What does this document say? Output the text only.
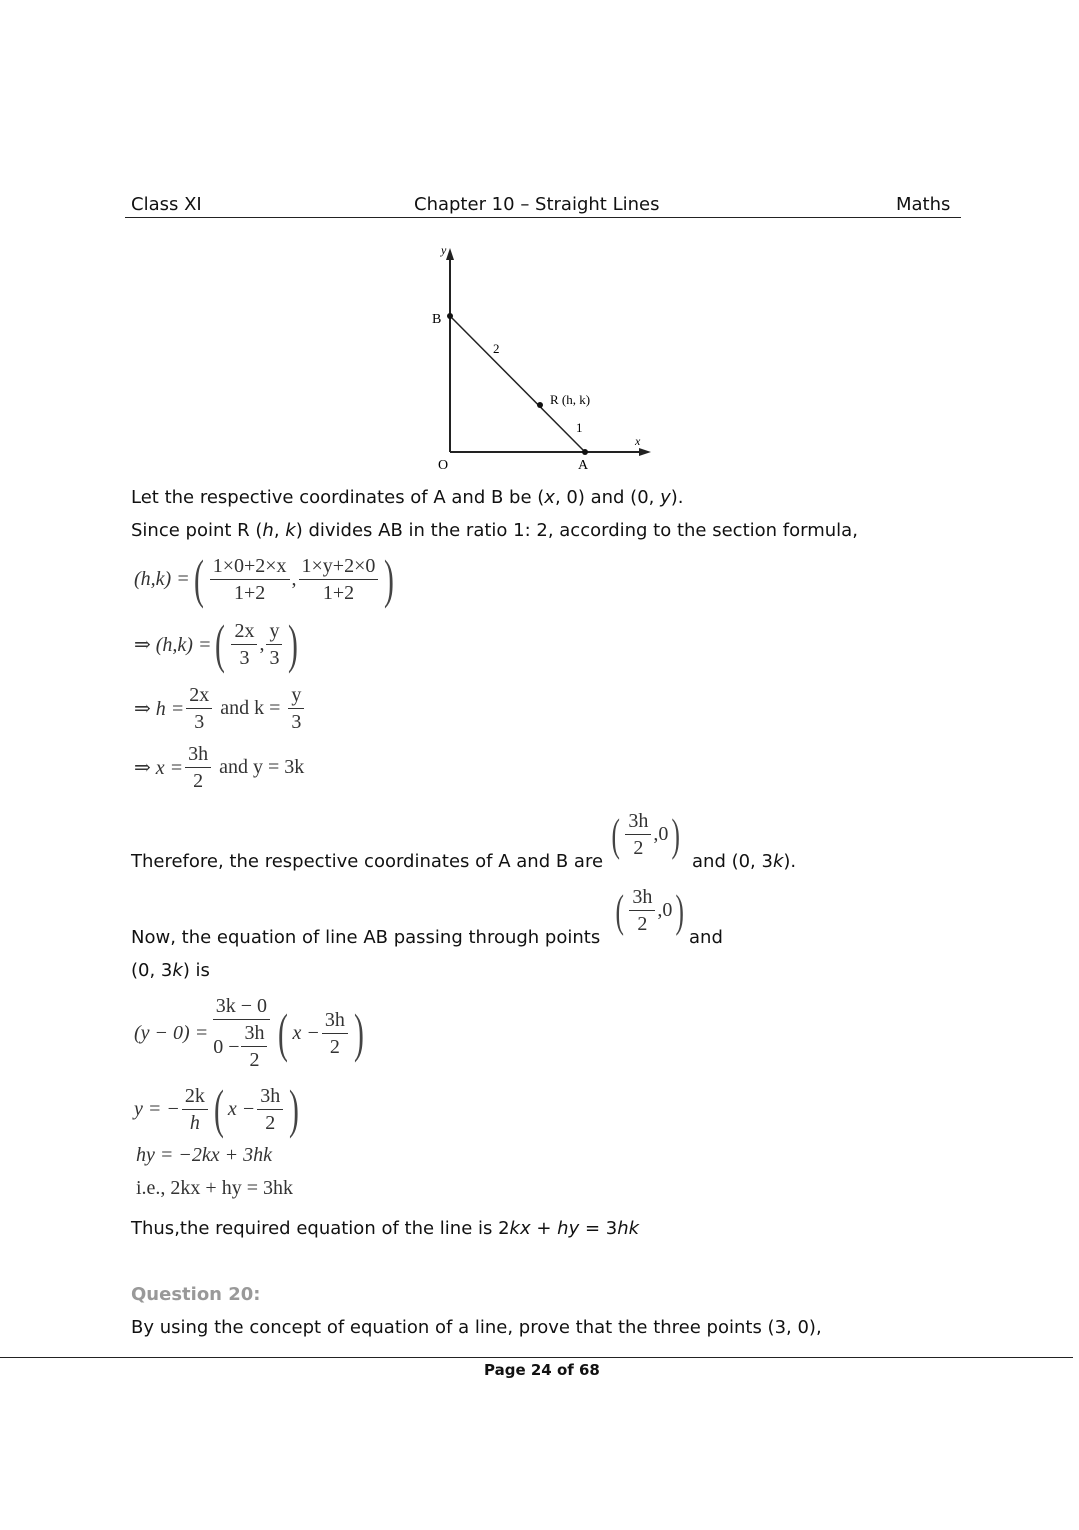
Class XI	Chapter 10 – Straight Lines	Maths
y
x
O
B
A
R (h, k)
2
1
Let the respective coordinates of A and B be (x, 0) and (0, y).
Since point R (h, k) divides AB in the ratio 1: 2, according to the section formula,
(h,k) = ( $\frac{1\times 0+2\times x}{1+2}$ , $\frac{1\times y+2\times 0}{1+2}$ )
⇒ (h,k) = ( $\frac{2x}{3}$ , $\frac{y}{3}$ )
⇒ $h = \frac{2x}{3}$ and $k = \frac{y}{3}$
⇒ $x = \frac{3h}{2}$ and y = 3k
Therefore, the respective coordinates of A and B are
( $\frac{3h}{2} ,0$ )
and (0, 3k).
Now, the equation of line AB passing through points
( $\frac{3h}{2} ,0$ )
and
(0, 3k) is
$(y - 0) = \frac{3k - 0}{0 - \frac{3h}{2}}$ ( $x - \frac{3h}{2}$ )
y = − $\frac{2k}{h}$ ( $x - \frac{3h}{2}$ )
hy = −2kx + 3hk
i.e., 2kx + hy = 3hk
Thus,the required equation of the line is 2kx + hy = 3hk
Question 20:
By using the concept of equation of a line, prove that the three points (3, 0),
Page 24 of 68
